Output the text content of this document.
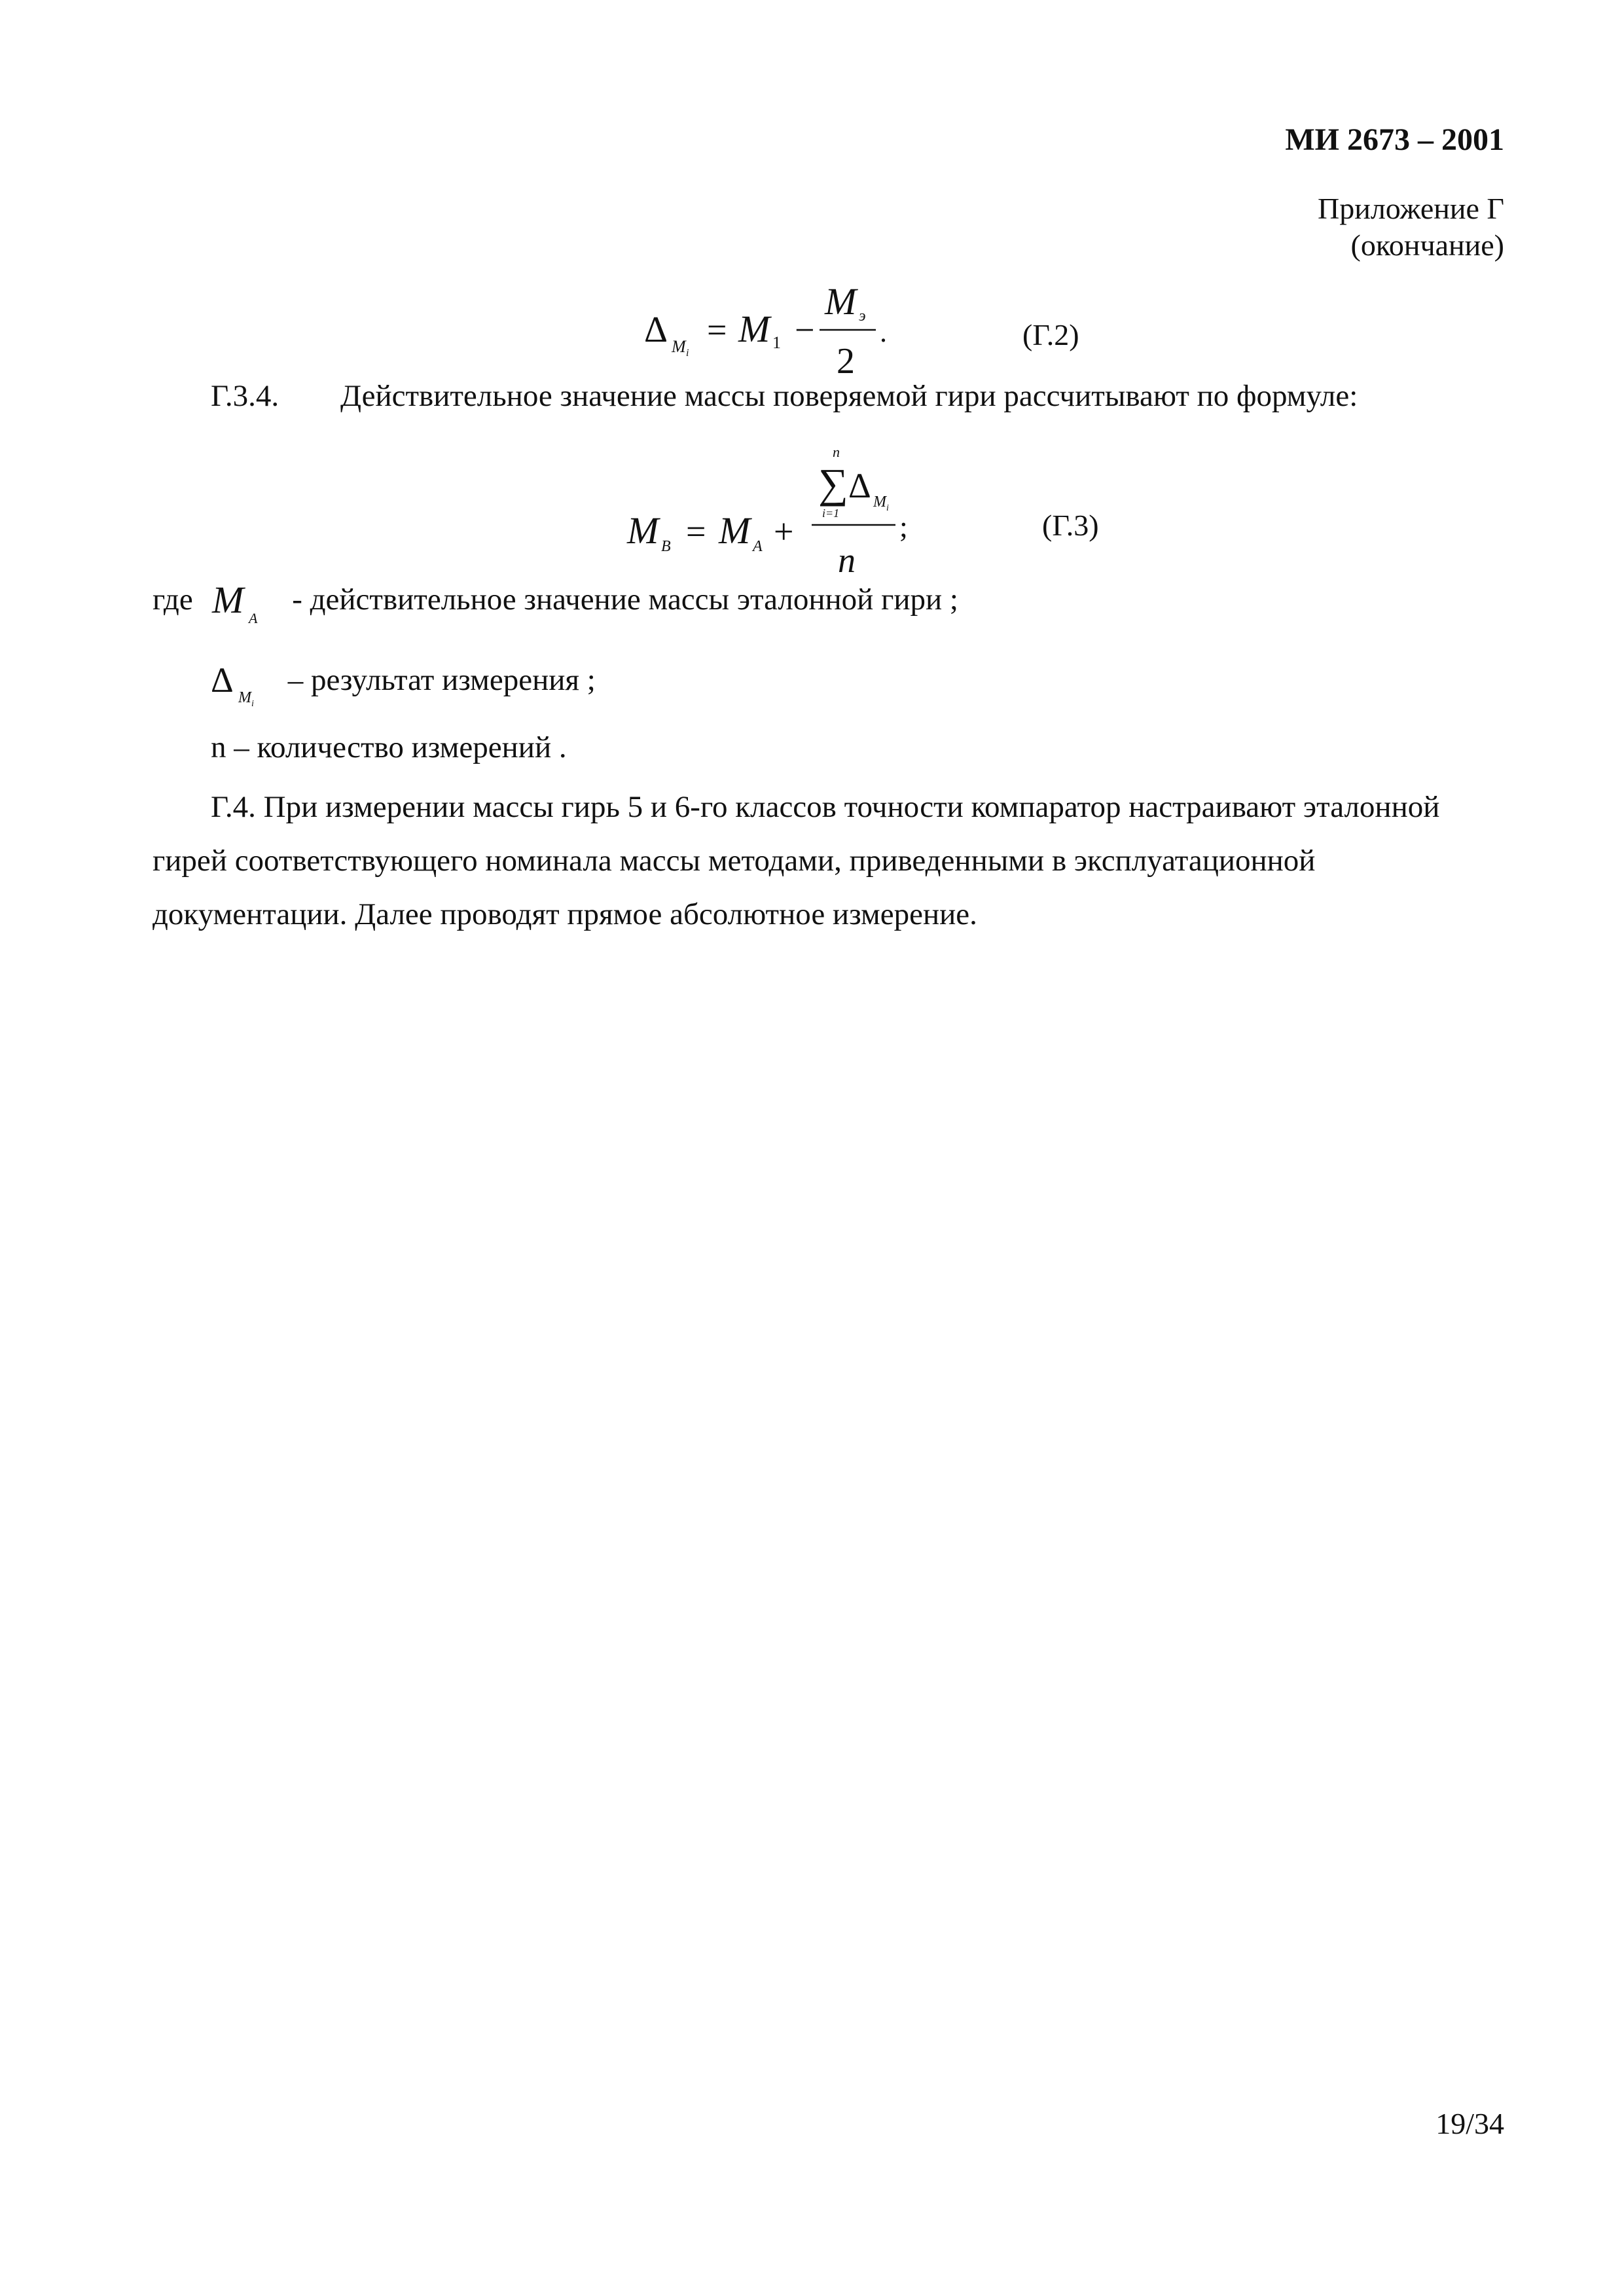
МИ 2673 – 2001
Приложение Г
(окончание)
Δ M i
= M 1 −
M э
2
.	(Г.2)
Г.3.4. Действительное значение массы поверяемой гири рассчитывают по формуле:
M B = M A +
n
∑
i=1
Δ M i
n
;	(Г.3)
где M A
- действительное значение массы эталонной гири ;
Δ M i
– результат измерения ;
n – количество измерений .
Г.4. При измерении массы гирь 5 и 6-го классов точности компаратор настраивают эталонной гирей соответствующего номинала массы методами, приведенными в эксплуатационной документации. Далее проводят прямое абсолютное измерение.
19/34
